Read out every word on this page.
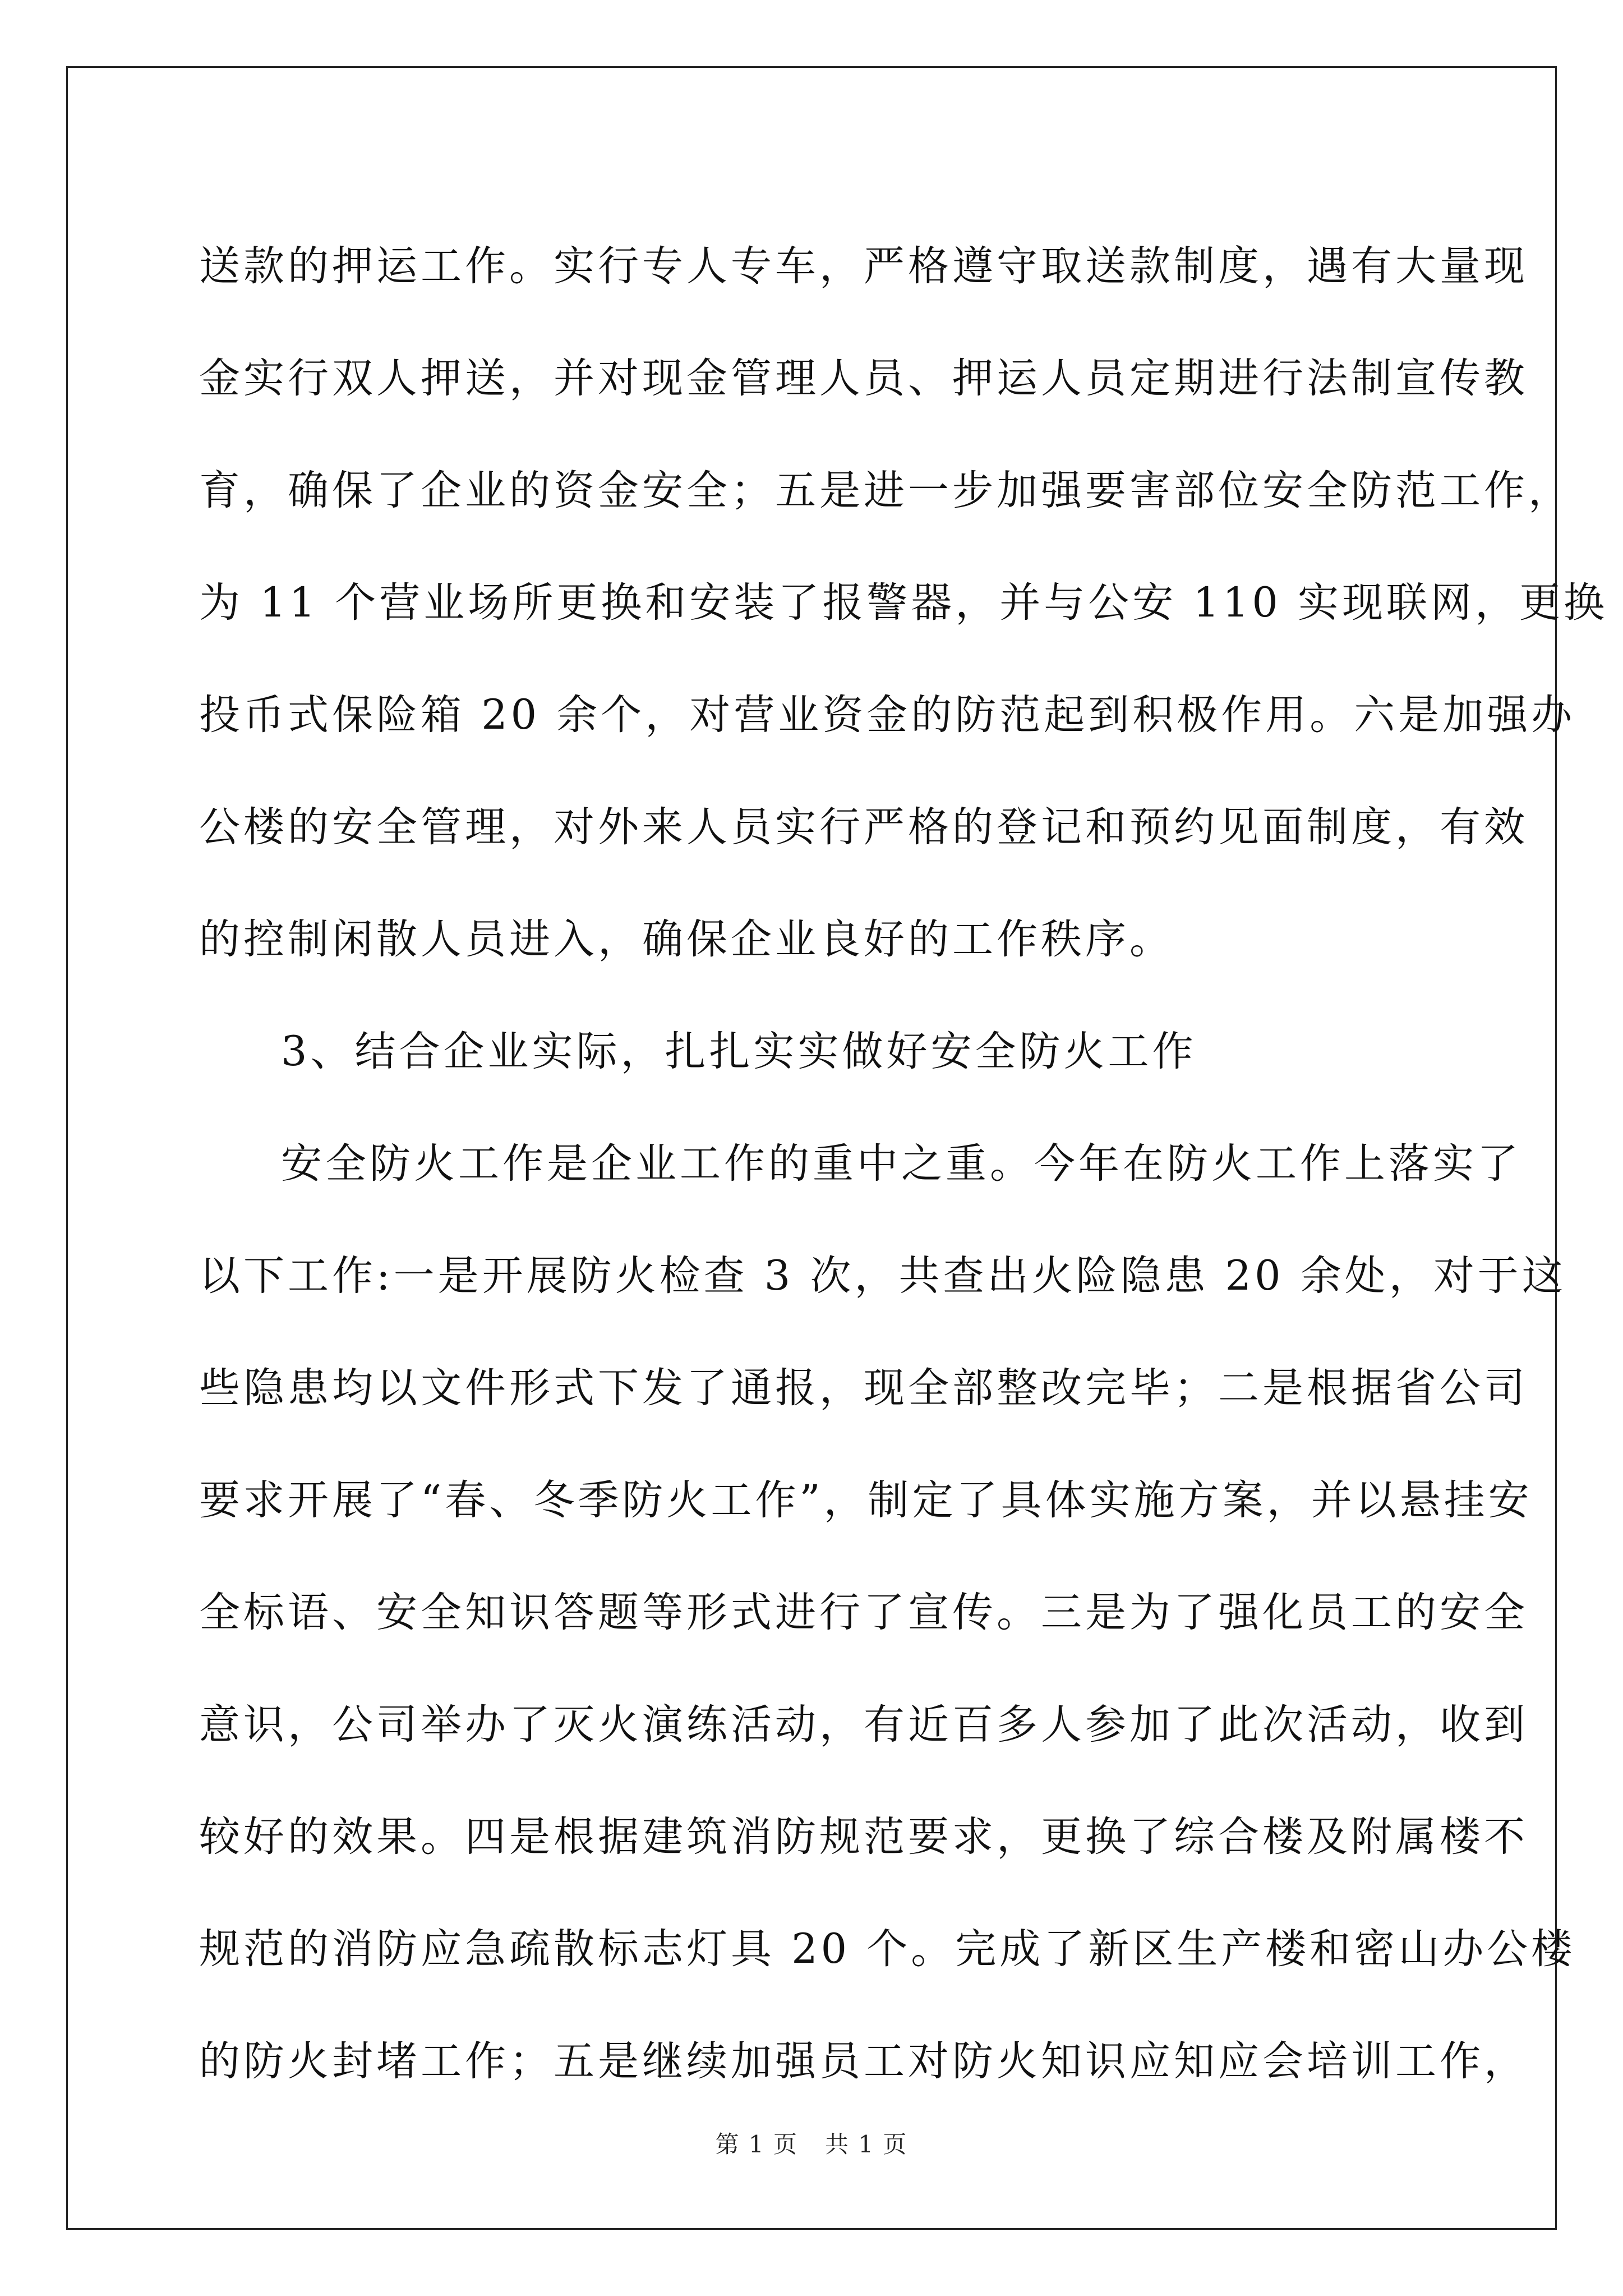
送款的押运工作。实行专人专车，严格遵守取送款制度，遇有大量现
金实行双人押送，并对现金管理人员、押运人员定期进行法制宣传教
育，确保了企业的资金安全；五是进一步加强要害部位安全防范工作，
为 11 个营业场所更换和安装了报警器，并与公安 110 实现联网，更换
投币式保险箱 20 余个，对营业资金的防范起到积极作用。六是加强办
公楼的安全管理，对外来人员实行严格的登记和预约见面制度，有效
的控制闲散人员进入，确保企业良好的工作秩序。
3、结合企业实际，扎扎实实做好安全防火工作
安全防火工作是企业工作的重中之重。今年在防火工作上落实了
以下工作:一是开展防火检查 3 次，共查出火险隐患 20 余处，对于这
些隐患均以文件形式下发了通报，现全部整改完毕；二是根据省公司
要求开展了“春、冬季防火工作”，制定了具体实施方案，并以悬挂安
全标语、安全知识答题等形式进行了宣传。三是为了强化员工的安全
意识，公司举办了灭火演练活动，有近百多人参加了此次活动，收到
较好的效果。四是根据建筑消防规范要求，更换了综合楼及附属楼不
规范的消防应急疏散标志灯具 20 个。完成了新区生产楼和密山办公楼
的防火封堵工作；五是继续加强员工对防火知识应知应会培训工作，
第 1 页 共 1 页
